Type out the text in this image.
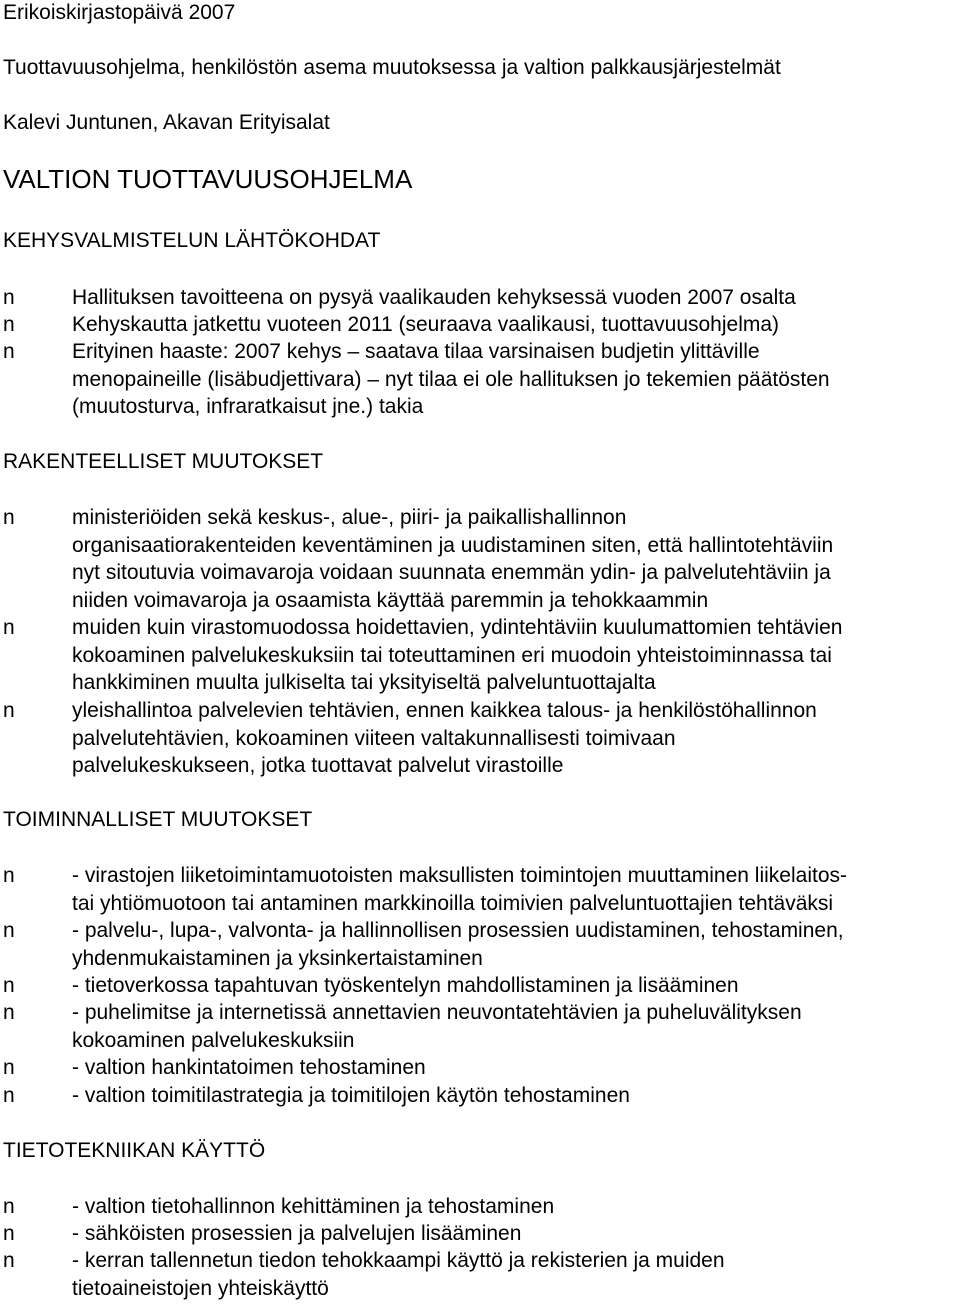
Erikoiskirjastopäivä 2007
Tuottavuusohjelma, henkilöstön asema muutoksessa ja valtion palkkausjärjestelmät
Kalevi Juntunen, Akavan Erityisalat
VALTION TUOTTAVUUSOHJELMA
KEHYSVALMISTELUN LÄHTÖKOHDAT
n	Hallituksen tavoitteena on pysyä vaalikauden kehyksessä vuoden 2007 osalta
n	Kehyskautta jatkettu vuoteen 2011 (seuraava vaalikausi, tuottavuusohjelma)
n	Erityinen haaste: 2007 kehys – saatava tilaa varsinaisen budjetin ylittäville
menopaineille (lisäbudjettivara) – nyt tilaa ei ole hallituksen jo tekemien päätösten
(muutosturva, infraratkaisut jne.) takia
RAKENTEELLISET MUUTOKSET
n	ministeriöiden sekä keskus-, alue-, piiri- ja paikallishallinnon
organisaatiorakenteiden keventäminen ja uudistaminen siten, että hallintotehtäviin
nyt sitoutuvia voimavaroja voidaan suunnata enemmän ydin- ja palvelutehtäviin ja
niiden voimavaroja ja osaamista käyttää paremmin ja tehokkaammin
n	muiden kuin virastomuodossa hoidettavien, ydintehtäviin kuulumattomien tehtävien
kokoaminen palvelukeskuksiin tai toteuttaminen eri muodoin yhteistoiminnassa tai
hankkiminen muulta julkiselta tai yksityiseltä palveluntuottajalta
n	yleishallintoa palvelevien tehtävien, ennen kaikkea talous- ja henkilöstöhallinnon
palvelutehtävien, kokoaminen viiteen valtakunnallisesti toimivaan
palvelukeskukseen, jotka tuottavat palvelut virastoille
TOIMINNALLISET MUUTOKSET
n	- virastojen liiketoimintamuotoisten maksullisten toimintojen muuttaminen liikelaitos-
tai yhtiömuotoon tai antaminen markkinoilla toimivien palveluntuottajien tehtäväksi
n	- palvelu-, lupa-, valvonta- ja hallinnollisen prosessien uudistaminen, tehostaminen,
yhdenmukaistaminen ja yksinkertaistaminen
n	- tietoverkossa tapahtuvan työskentelyn mahdollistaminen ja lisääminen
n	- puhelimitse ja internetissä annettavien neuvontatehtävien ja puheluvälityksen
kokoaminen palvelukeskuksiin
n	- valtion hankintatoimen tehostaminen
n	- valtion toimitilastrategia ja toimitilojen käytön tehostaminen
TIETOTEKNIIKAN KÄYTTÖ
n	- valtion tietohallinnon kehittäminen ja tehostaminen
n	- sähköisten prosessien ja palvelujen lisääminen
n	- kerran tallennetun tiedon tehokkaampi käyttö ja rekisterien ja muiden
tietoaineistojen yhteiskäyttö
